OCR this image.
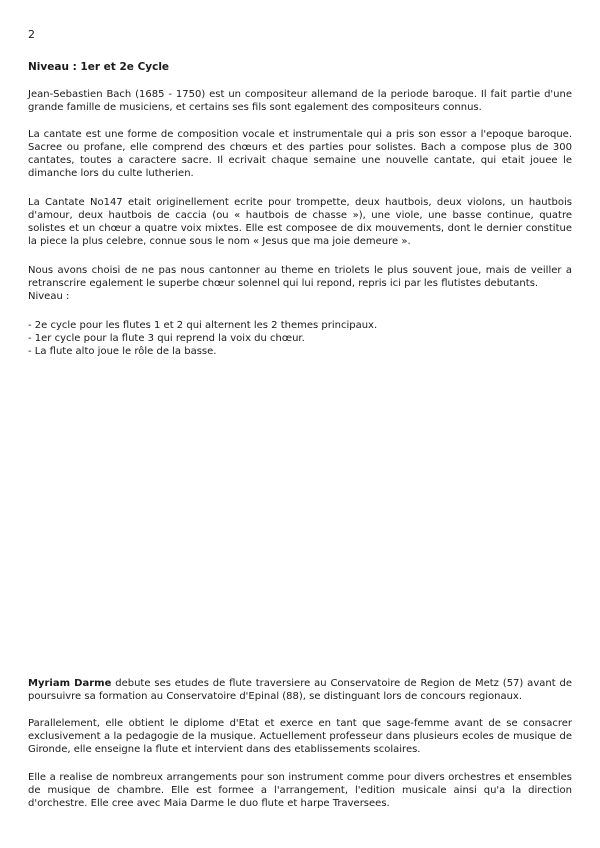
2
Niveau : 1er et 2e Cycle

Jean-Sebastien Bach (1685 - 1750) est un compositeur allemand de la periode baroque. Il fait partie d'une grande famille de musiciens, et certains ses fils sont egalement des compositeurs connus.

La cantate est une forme de composition vocale et instrumentale qui a pris son essor a l'epoque baroque. Sacree ou profane, elle comprend des chœurs et des parties pour solistes. Bach a compose plus de 300 cantates, toutes a caractere sacre. Il ecrivait chaque semaine une nouvelle cantate, qui etait jouee le dimanche lors du culte lutherien.

La Cantate No147 etait originellement ecrite pour trompette, deux hautbois, deux violons, un hautbois d'amour, deux hautbois de caccia (ou « hautbois de chasse »), une viole, une basse continue, quatre solistes et un chœur a quatre voix mixtes. Elle est composee de dix mouvements, dont le dernier constitue la piece la plus celebre, connue sous le nom « Jesus que ma joie demeure ».

Nous avons choisi de ne pas nous cantonner au theme en triolets le plus souvent joue, mais de veiller a retranscrire egalement le superbe chœur solennel qui lui repond, repris ici par les flutistes debutants.

Niveau :

- 2e cycle pour les flutes 1 et 2 qui alternent les 2 themes principaux.
- 1er cycle pour la flute 3 qui reprend la voix du chœur.
- La flute alto joue le rôle de la basse.

Myriam Darme debute ses etudes de flute traversiere au Conservatoire de Region de Metz (57) avant de poursuivre sa formation au Conservatoire d'Epinal (88), se distinguant lors de concours regionaux.

Parallelement, elle obtient le diplome d'Etat et exerce en tant que sage-femme avant de se consacrer exclusivement a la pedagogie de la musique. Actuellement professeur dans plusieurs ecoles de musique de Gironde, elle enseigne la flute et intervient dans des etablissements scolaires.

Elle a realise de nombreux arrangements pour son instrument comme pour divers orchestres et ensembles de musique de chambre. Elle est formee a l'arrangement, l'edition musicale ainsi qu'a la direction d'orchestre. Elle cree avec Maia Darme le duo flute et harpe Traversees.
